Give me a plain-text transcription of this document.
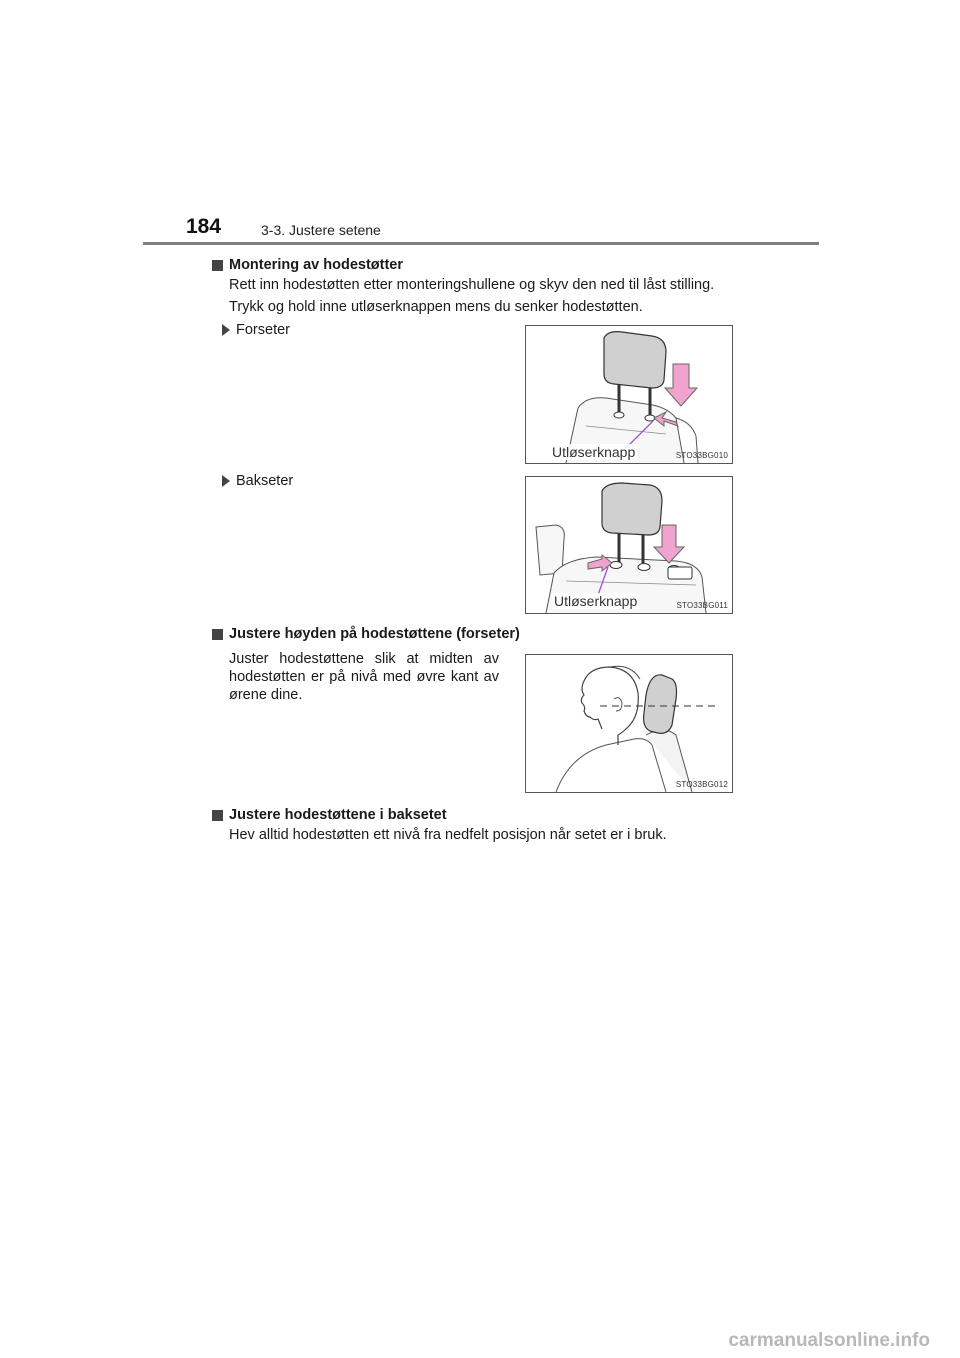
184	3-3. Justere setene
Montering av hodestøtter
Rett inn hodestøtten etter monteringshullene og skyv den ned til låst stilling.
Trykk og hold inne utløserknappen mens du senker hodestøtten.
Forseter
Utløserknapp	STO33BG010
Bakseter
Utløserknapp	STO33BG011
Justere høyden på hodestøttene (forseter)
Juster hodestøttene slik at midten av hodestøtten er på nivå med øvre kant av ørene dine.
STO33BG012
Justere hodestøttene i baksetet
Hev alltid hodestøtten ett nivå fra nedfelt posisjon når setet er i bruk.
carmanualsonline.info
